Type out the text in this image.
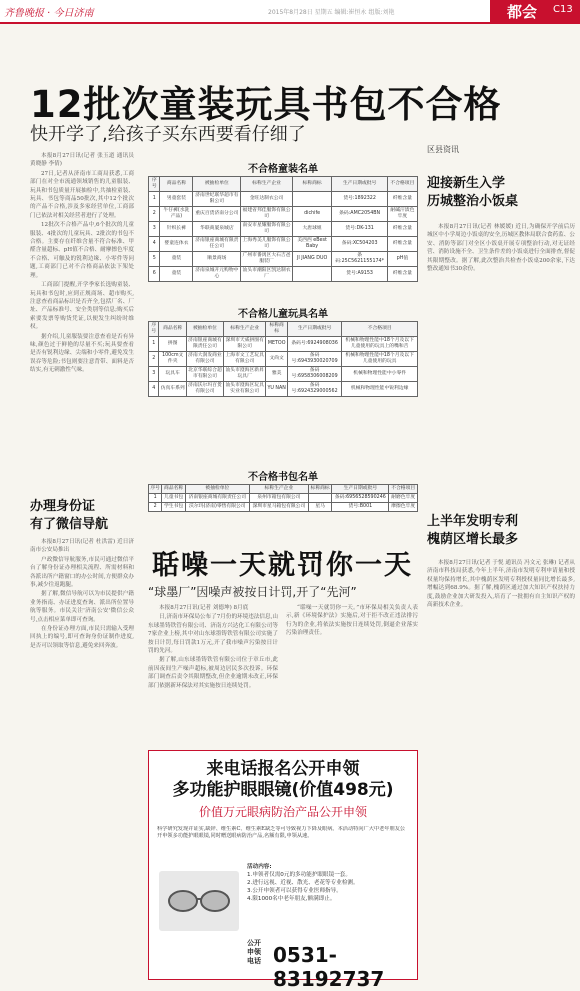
齐鲁晚报 · 今日济南	2015年8月28日 星期五 编辑:崔恒永 组版:刘艳	都会 C13
12批次童装玩具书包不合格
快开学了,给孩子买东西要看仔细了

本报8月27日讯(记者 张玉道 通讯员 黄晓静 李倩)

27日,记者从济南市工商局获悉,工商部门在对全市流通领域销售的儿童服装、玩具和书包质量开展抽检中,共抽检童装、玩具、书包等商品50批次,其中12个批次的产品不合格,涉及多家经营单位,工商部门已依法对相关经营者进行了处理。

12批次不合格产品中,6个批次的儿童服装、4批次的儿童玩具、2批次的书包不合格。主要存在纤维含量不符合标准、甲醛含量超标、pH值不合格、耐摩擦色牢度不合格、可触及的锐利边缘、小零件等问题,工商部门已对不合格商品依法下架处理。

工商部门提醒,开学季家长选购童装、玩具和书包时,应到正规商场、超市购买,注意查看商品标识是否齐全,包括厂名、厂址、产品标准号、安全类别等信息;购买后索要发票等购货凭证,以便发生纠纷时维权。

据介绍,儿童服装要注意查看是否有异味,颜色过于鲜艳的尽量不买;玩具要查看是否有锐利边缘、尖端和小零件,避免发生误吞等危险;书包则要注意背带、面料是否结实,有无刺激性气味。

办理身份证
有了微信导航

本报8月27日讯(记者 杜洪雷) 近日济南市公安局推出

户政微信导航服务,市民可通过微信平台了解身份证办理相关流程、所需材料和各派出所户籍窗口的办公时间,方便群众办事,减少往返跑腿。

据了解,微信导航可以为市民提供户籍业务指南、办证进度查询、派出所位置导航等服务。市民关注'济南公安'微信公众号,点击相应菜单即可查询。

在身份证办理方面,市民只需输入受理回执上的编号,即可查询身份证制作进度,是否可以领取等信息,避免来回奔波。

不合格童装名单
序号	商品名称	被抽检单位	标称生产企业	标称商标	生产日期或批号	不合格项目
1	男童套装	济南世纪联华超市有限公司	金旺达制衣公司		货号:1892322	纤维含量
2	牛仔裤(水洗产品)	重庆百货济南分公司	福建省邦佳服饰有限公司	dichife	条码:AMC2054BN	耐碱汗渍色牢度
3	针织长裤	华联商厦泉城店	南安市星耀服饰有限公司	大唐球姐	货号:DK-131	纤维含量
4	婴童连体衣	济南银座商城有限责任公司	上海秀美儿服饰有限公司	美西西 eBest Baby	条码:XC504203	纤维含量
5	童装	顺景商场	广州市番禺区大石吉爸服装厂	JI JIANG DUO	条码:25C5621155174*	pH值
6	童装	济南泉城开元购物中心	汕头市潮阳区凯达制衣厂		货号:A9153	纤维含量
不合格儿童玩具名单
序号	商品名称	被抽检单位	标称生产企业	标称商标	生产日期或批号	不合格项目
1	拼图	济南银座商城有限责任公司	深圳市天威拼图有限公司	METOO	条码号:6924908036	机械和物理性能中18个月及以下儿童使用的玩具上的嘴和舌
2	100cm文件夹	济南大润发商业有限公司	上海市文工艺玩具有限公司	文尚文	条码号:6943930020709	机械和物理性能中18个月及以下儿童使用的玩具
3	玩具车	北京华联综合超市有限公司	汕头市澄海区新昇玩具厂	雅美	条码号:6958306008209	机械和物理性能中小零件
4	仿真车系列	济南沃尔玛百货有限公司	汕头市澄海区玩具实业有限公司	YU NAN	条码号:6924329000562	机械和物理性能中锐利边缘
不合格书包名单
序号	商品名称	被抽检单位	标称生产企业	标称商标	生产日期或批号	不合格项目
1	儿童书包	济南银座商城有限责任公司	泉州市箱包有限公司		条码:6956528590246	耐磨色牢度
2	学生书包	沃尔玛(济南)零售有限公司	深圳市星马箱包有限公司	星马	货号:B001	摩擦色牢度
聒噪一天就罚你一天
“球墨厂”因噪声被按日计罚,开了“先河”

本报8月27日讯(记者 刘德坤) 8月底

日,济南市环保局公布了7月份的环境违法信息,山东球墨铸铁管有限公司、济南方兴达化工有限公司等7家企业上榜,其中对山东球墨铸铁管有限公司实施了按日计罚,每日罚款1万元,开了我市噪声污染按日计罚的先河。

据了解,山东球墨铸铁管有限公司位于章丘市,此前因夜间生产噪声超标,被周边居民多次投诉。环保部门调查后责令其限期整改,但企业逾期未改正,环保部门依据新环保法对其实施按日连续处罚。

“聒噪一天就罚你一天。”市环保局相关负责人表示,新《环境保护法》实施后,对于拒不改正违法排污行为的企业,将依法实施按日连续处罚,倒逼企业落实污染治理责任。

区县资讯
迎接新生入学
历城整治小饭桌

本报8月27日讯(记者 林媛媛) 近日,为确保开学前后历城区中小学周边小饭桌的安全,历城区教体局联合食药监、公安、消防等部门对全区小饭桌开展专项整治行动,对无证经营、消防设施不全、卫生条件差的小饭桌进行全面排查,督促其限期整改。据了解,此次整治共检查小饭桌200余家,下达整改通知书30余份。

上半年发明专利
槐荫区增长最多

本报8月27日讯(记者 于悦 通讯员 冯文元 张琳) 记者从济南市科技局获悉,今年上半年,济南市发明专利申请量和授权量均保持增长,其中槐荫区发明专利授权量同比增长最多,增幅达到68.9%。据了解,槐荫区通过加大知识产权扶持力度,鼓励企业加大研发投入,培育了一批拥有自主知识产权的高新技术企业。

来电话报名公开申领
多功能护眼眼镜(价值498元)
价值万元眼病防治产品公开申领
科学研究发现并证实,缺锌、维生素C、维生素E缺乏等可导致视力下降及眼病。本活动特向广大中老年朋友公开申领多功能护眼眼镜,同时赠送眼病防治产品,名额有限,申领从速。
活动内容:
1.申领者仅需0元的多功能护眼眼镜一套。
2.进行远视、近视、散光、老花等专业检测。
3.公开申领者可以获得专业医师指导。
4.限1000名中老年朋友,额满即止。
公开申领电话 0531-83192737
